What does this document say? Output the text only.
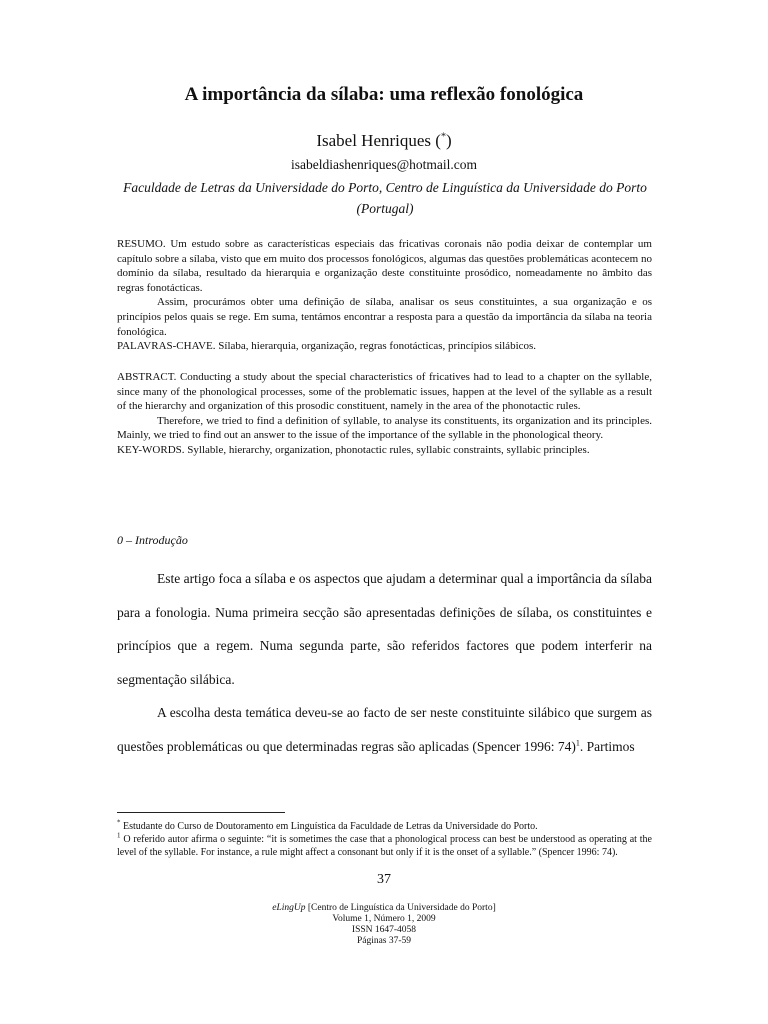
A importância da sílaba: uma reflexão fonológica
Isabel Henriques (*)
isabeldiashenriques@hotmail.com
Faculdade de Letras da Universidade do Porto, Centro de Linguística da Universidade do Porto (Portugal)

RESUMO. Um estudo sobre as características especiais das fricativas coronais não podia deixar de contemplar um capítulo sobre a sílaba, visto que em muito dos processos fonológicos, algumas das questões problemáticas acontecem no domínio da sílaba, resultado da hierarquia e organização deste constituinte prosódico, nomeadamente no âmbito das regras fonotácticas.

Assim, procurámos obter uma definição de sílaba, analisar os seus constituintes, a sua organização e os princípios pelos quais se rege. Em suma, tentámos encontrar a resposta para a questão da importância da sílaba na teoria fonológica.

PALAVRAS-CHAVE. Sílaba, hierarquia, organização, regras fonotácticas, princípios silábicos.

ABSTRACT. Conducting a study about the special characteristics of fricatives had to lead to a chapter on the syllable, since many of the phonological processes, some of the problematic issues, happen at the level of the syllable as a result of the hierarchy and organization of this prosodic constituent, namely in the area of the phonotactic rules.

Therefore, we tried to find a definition of syllable, to analyse its constituents, its organization and its principles. Mainly, we tried to find out an answer to the issue of the importance of the syllable in the phonological theory.

KEY-WORDS. Syllable, hierarchy, organization, phonotactic rules, syllabic constraints, syllabic principles.

0 – Introdução

Este artigo foca a sílaba e os aspectos que ajudam a determinar qual a importância da sílaba para a fonologia. Numa primeira secção são apresentadas definições de sílaba, os constituintes e princípios que a regem. Numa segunda parte, são referidos factores que podem interferir na segmentação silábica.

A escolha desta temática deveu-se ao facto de ser neste constituinte silábico que surgem as questões problemáticas ou que determinadas regras são aplicadas (Spencer 1996: 74)$^1$. Partimos

* Estudante do Curso de Doutoramento em Linguística da Faculdade de Letras da Universidade do Porto.

$^1$ O referido autor afirma o seguinte: “it is sometimes the case that a phonological process can best be understood as operating at the level of the syllable. For instance, a rule might affect a consonant but only if it is the onset of a syllable.” (Spencer 1996: 74).

37
eLingUp [Centro de Linguística da Universidade do Porto]
Volume 1, Número 1, 2009
ISSN 1647-4058
Páginas 37-59
